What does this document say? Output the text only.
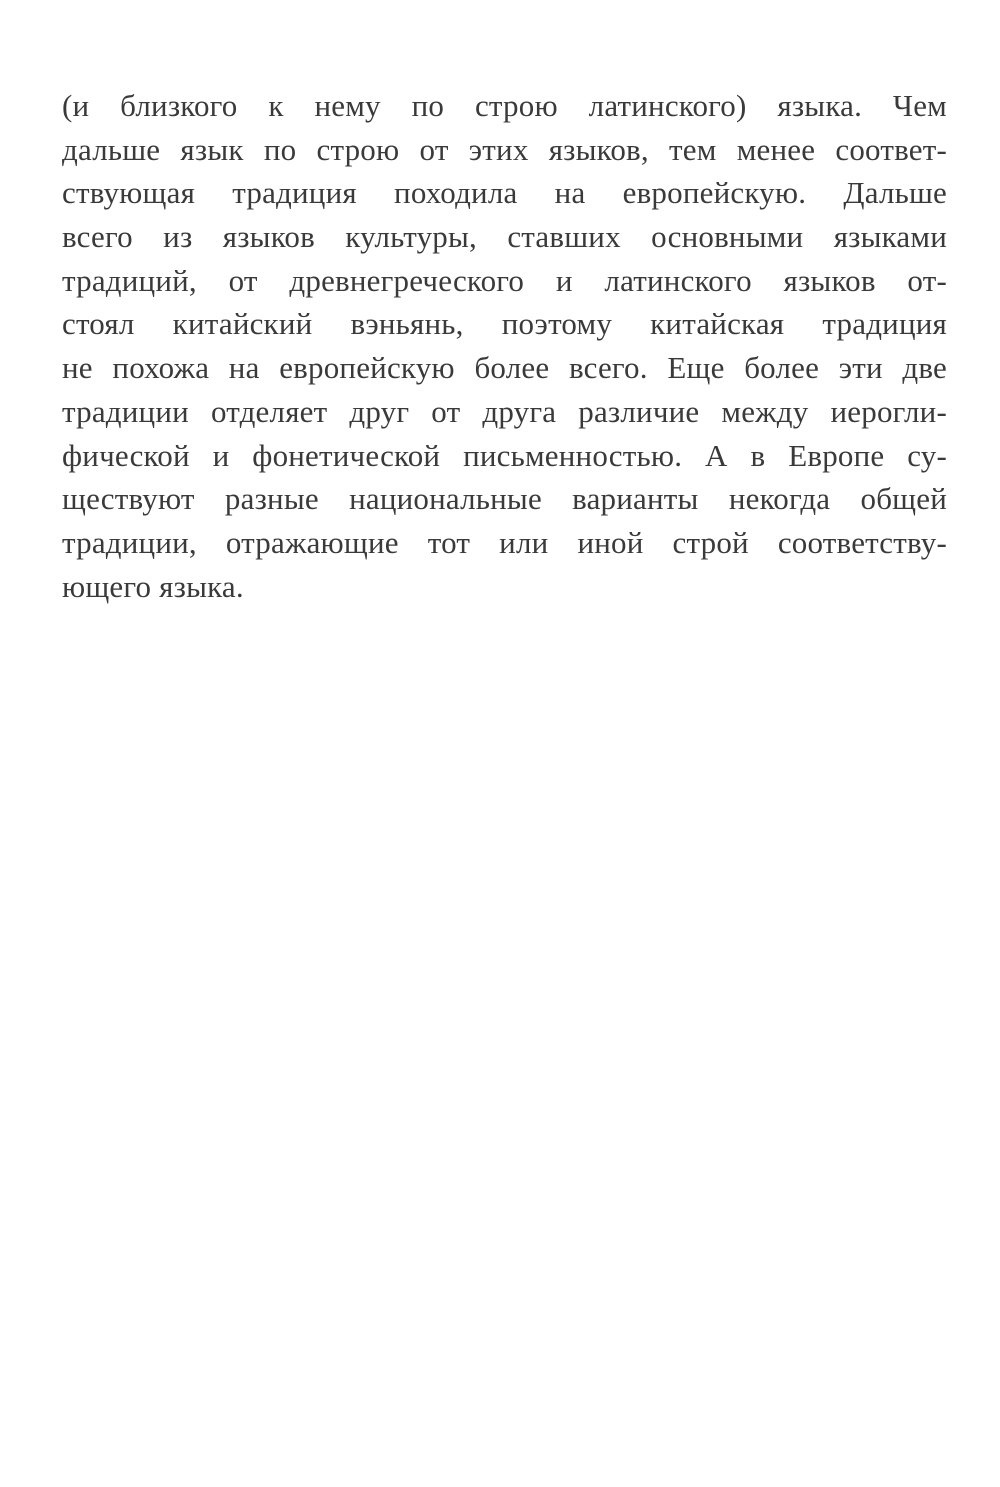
(и близкого к нему по строю латинского) языка. Чем
дальше язык по строю от этих языков, тем менее соответ-
ствующая традиция походила на европейскую. Дальше
всего из языков культуры, ставших основными языками
традиций, от древнегреческого и латинского языков от-
стоял китайский вэньянь, поэтому китайская традиция
не похожа на европейскую более всего. Еще более эти две
традиции отделяет друг от друга различие между иерогли-
фической и фонетической письменностью. А в Европе су-
ществуют разные национальные варианты некогда общей
традиции, отражающие тот или иной строй соответству-
ющего языка.
